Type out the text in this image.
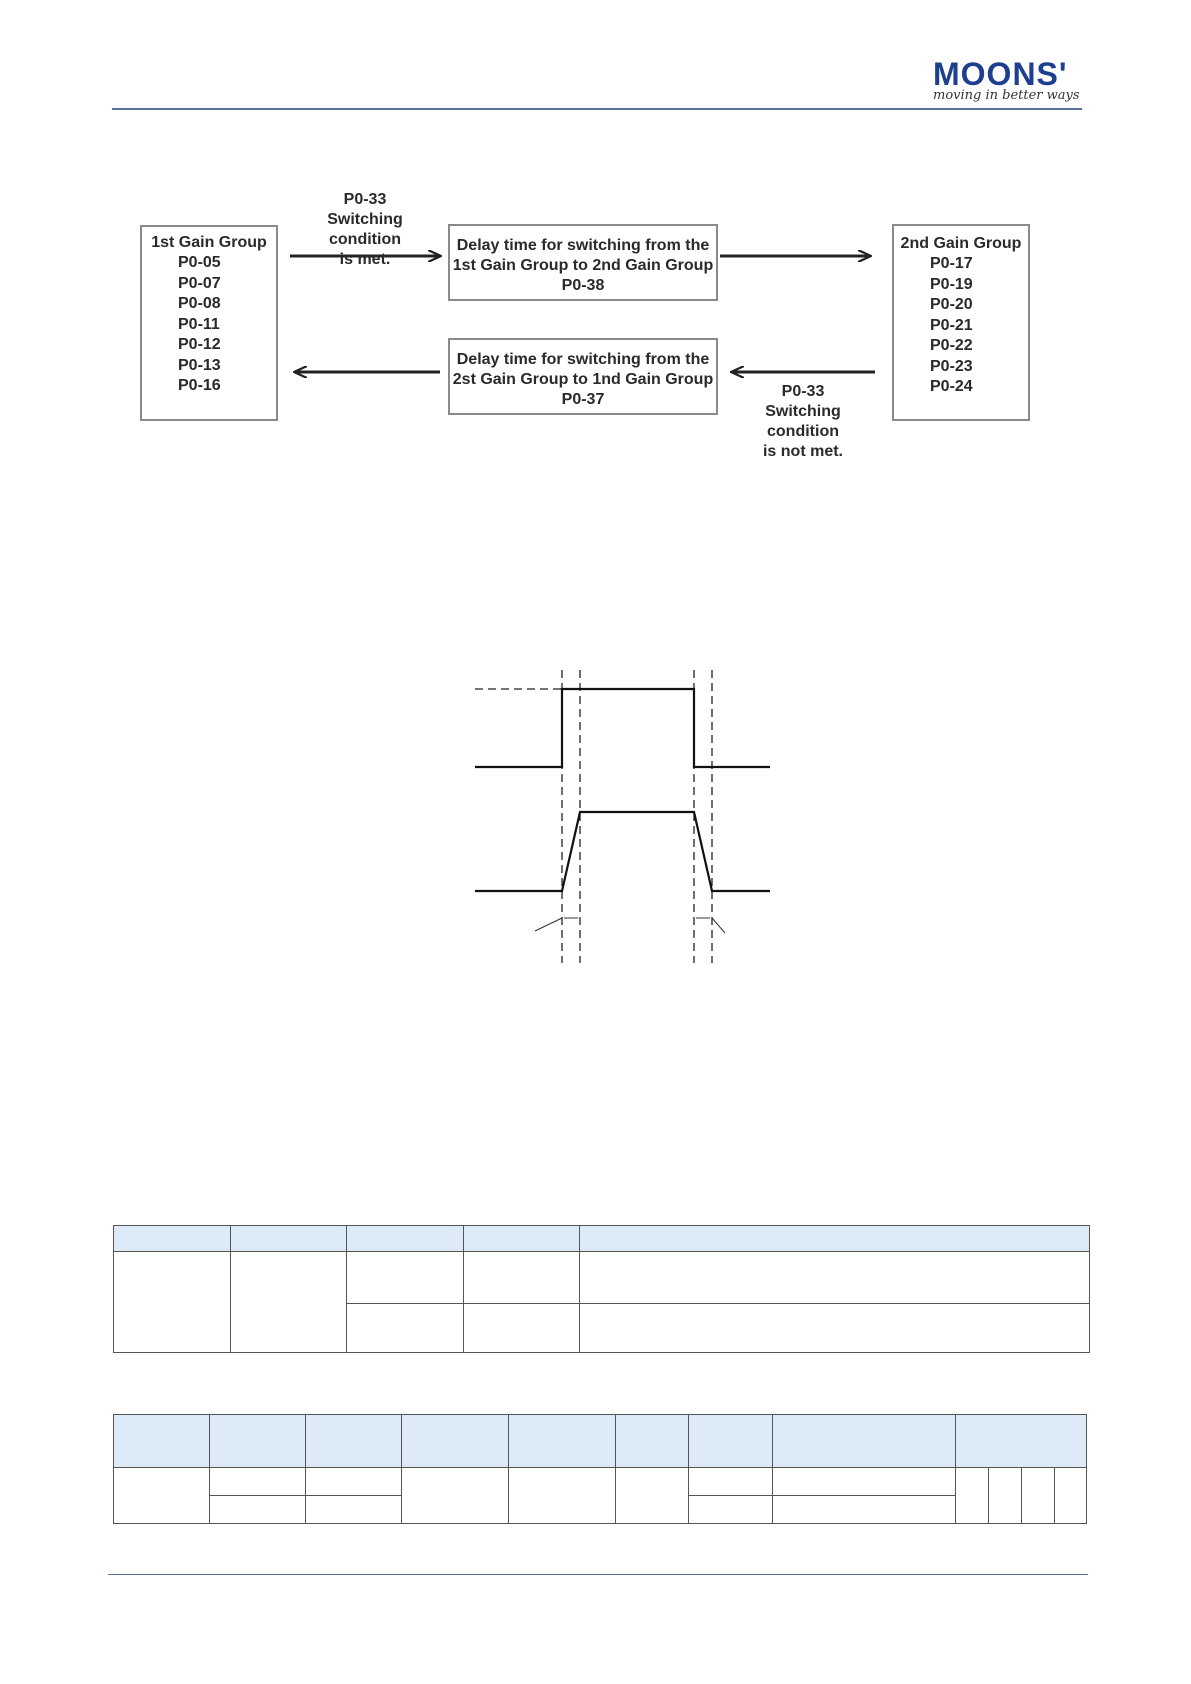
MOONS'
moving in better ways
1st Gain Group
P0-05
P0-07
P0-08
P0-11
P0-12
P0-13
P0-16
P0-33
Switching condition
is met.
Delay time for switching from the
1st Gain Group to 2nd Gain Group
P0-38
Delay time for switching from the
2st Gain Group to 1nd Gain Group
P0-37	P0-33
Switching condition
is not met.
2nd Gain Group
P0-17
P0-19
P0-20
P0-21
P0-22
P0-23
P0-24
